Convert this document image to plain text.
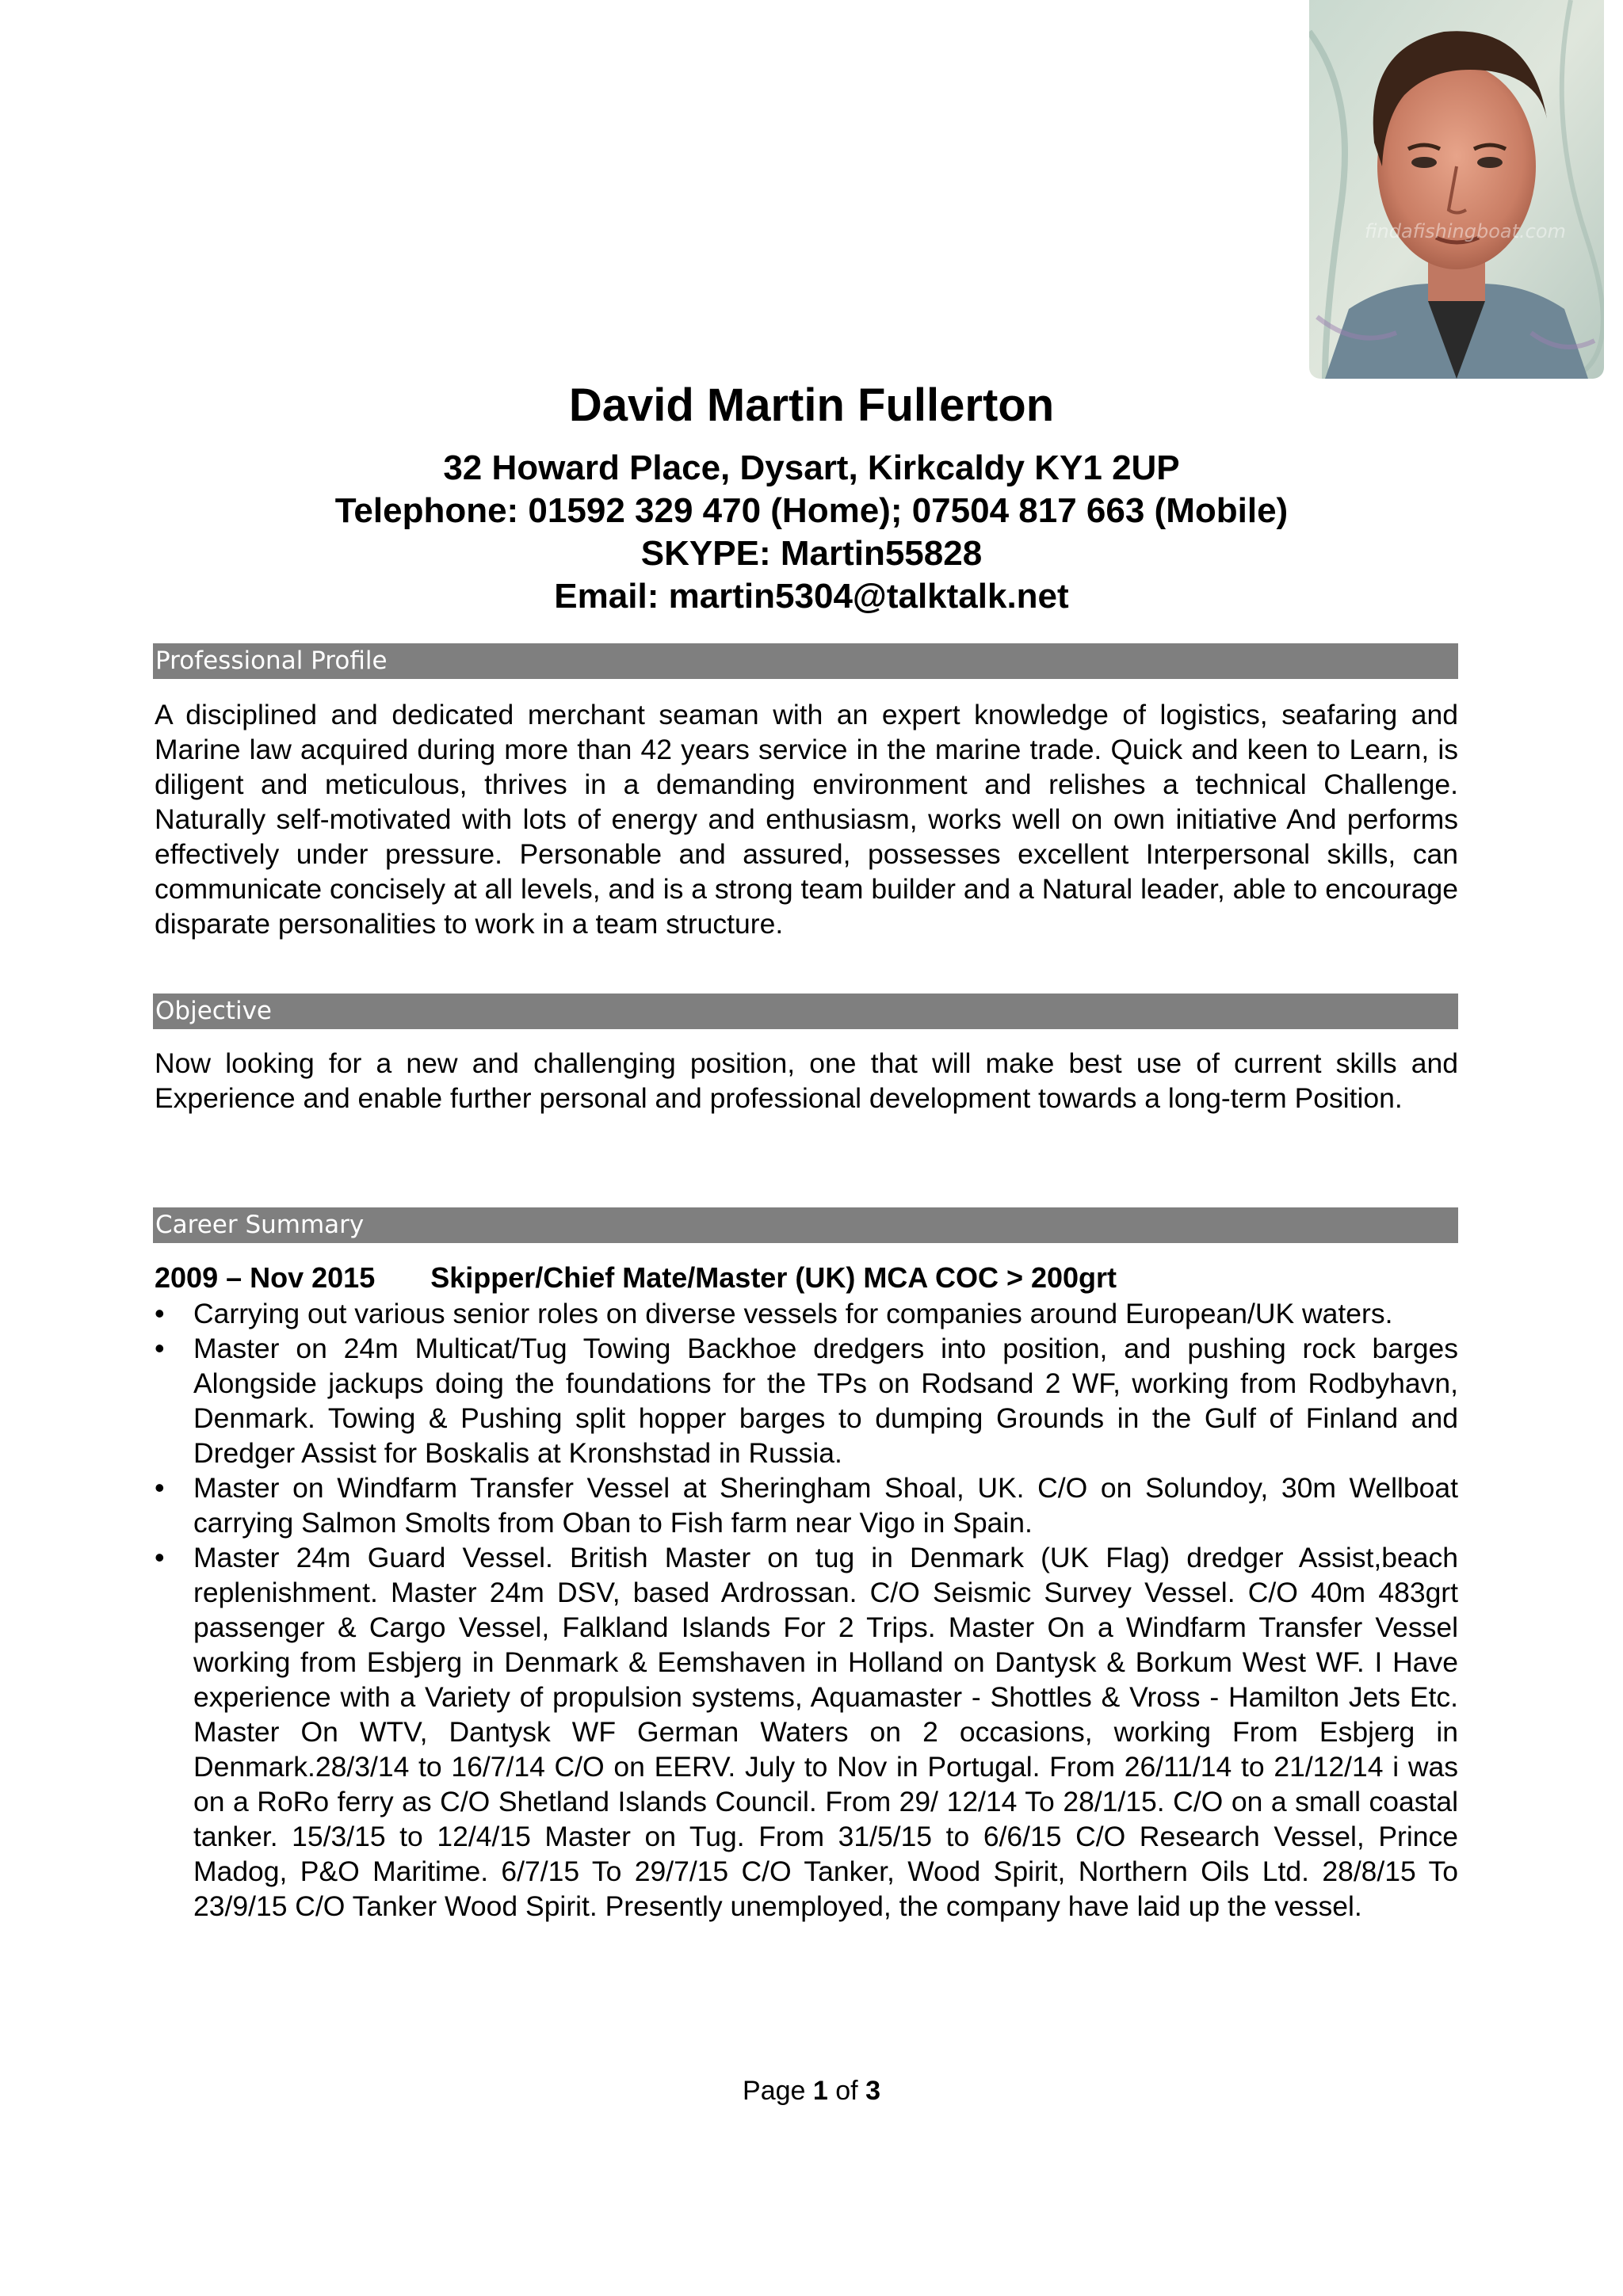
findafishingboat.com
David Martin Fullerton
32 Howard Place, Dysart, Kirkcaldy KY1 2UP
Telephone: 01592 329 470 (Home); 07504 817 663 (Mobile)
SKYPE: Martin55828
Email: martin5304@talktalk.net
Professional Profile

A disciplined and dedicated merchant seaman with an expert knowledge of logistics, seafaring and Marine law acquired during more than 42 years service in the marine trade. Quick and keen to Learn, is diligent and meticulous, thrives in a demanding environment and relishes a technical Challenge. Naturally self-motivated with lots of energy and enthusiasm, works well on own initiative And performs effectively under pressure. Personable and assured, possesses excellent Interpersonal skills, can communicate concisely at all levels, and is a strong team builder and a Natural leader, able to encourage disparate personalities to work in a team structure.

Objective

Now looking for a new and challenging position, one that will make best use of current skills and Experience and enable further personal and professional development towards a long-term Position.

Career Summary
2009 – Nov 2015 Skipper/Chief Mate/Master (UK) MCA COC > 200grt
• Carrying out various senior roles on diverse vessels for companies around European/UK waters.
• Master on 24m Multicat/Tug Towing Backhoe dredgers into position, and pushing rock barges Alongside jackups doing the foundations for the TPs on Rodsand 2 WF, working from Rodbyhavn, Denmark. Towing & Pushing split hopper barges to dumping Grounds in the Gulf of Finland and Dredger Assist for Boskalis at Kronshstad in Russia.
• Master on Windfarm Transfer Vessel at Sheringham Shoal, UK. C/O on Solundoy, 30m Wellboat carrying Salmon Smolts from Oban to Fish farm near Vigo in Spain.
• Master 24m Guard Vessel. British Master on tug in Denmark (UK Flag) dredger Assist,beach replenishment. Master 24m DSV, based Ardrossan. C/O Seismic Survey Vessel. C/O 40m 483grt passenger & Cargo Vessel, Falkland Islands For 2 Trips. Master On a Windfarm Transfer Vessel working from Esbjerg in Denmark & Eemshaven in Holland on Dantysk & Borkum West WF. I Have experience with a Variety of propulsion systems, Aquamaster - Shottles & Vross - Hamilton Jets Etc. Master On WTV, Dantysk WF German Waters on 2 occasions, working From Esbjerg in Denmark.28/3/14 to 16/7/14 C/O on EERV. July to Nov in Portugal. From 26/11/14 to 21/12/14 i was on a RoRo ferry as C/O Shetland Islands Council. From 29/ 12/14 To 28/1/15. C/O on a small coastal tanker. 15/3/15 to 12/4/15 Master on Tug. From 31/5/15 to 6/6/15 C/O Research Vessel, Prince Madog, P&O Maritime. 6/7/15 To 29/7/15 C/O Tanker, Wood Spirit, Northern Oils Ltd. 28/8/15 To 23/9/15 C/O Tanker Wood Spirit. Presently unemployed, the company have laid up the vessel.
Page 1 of 3
